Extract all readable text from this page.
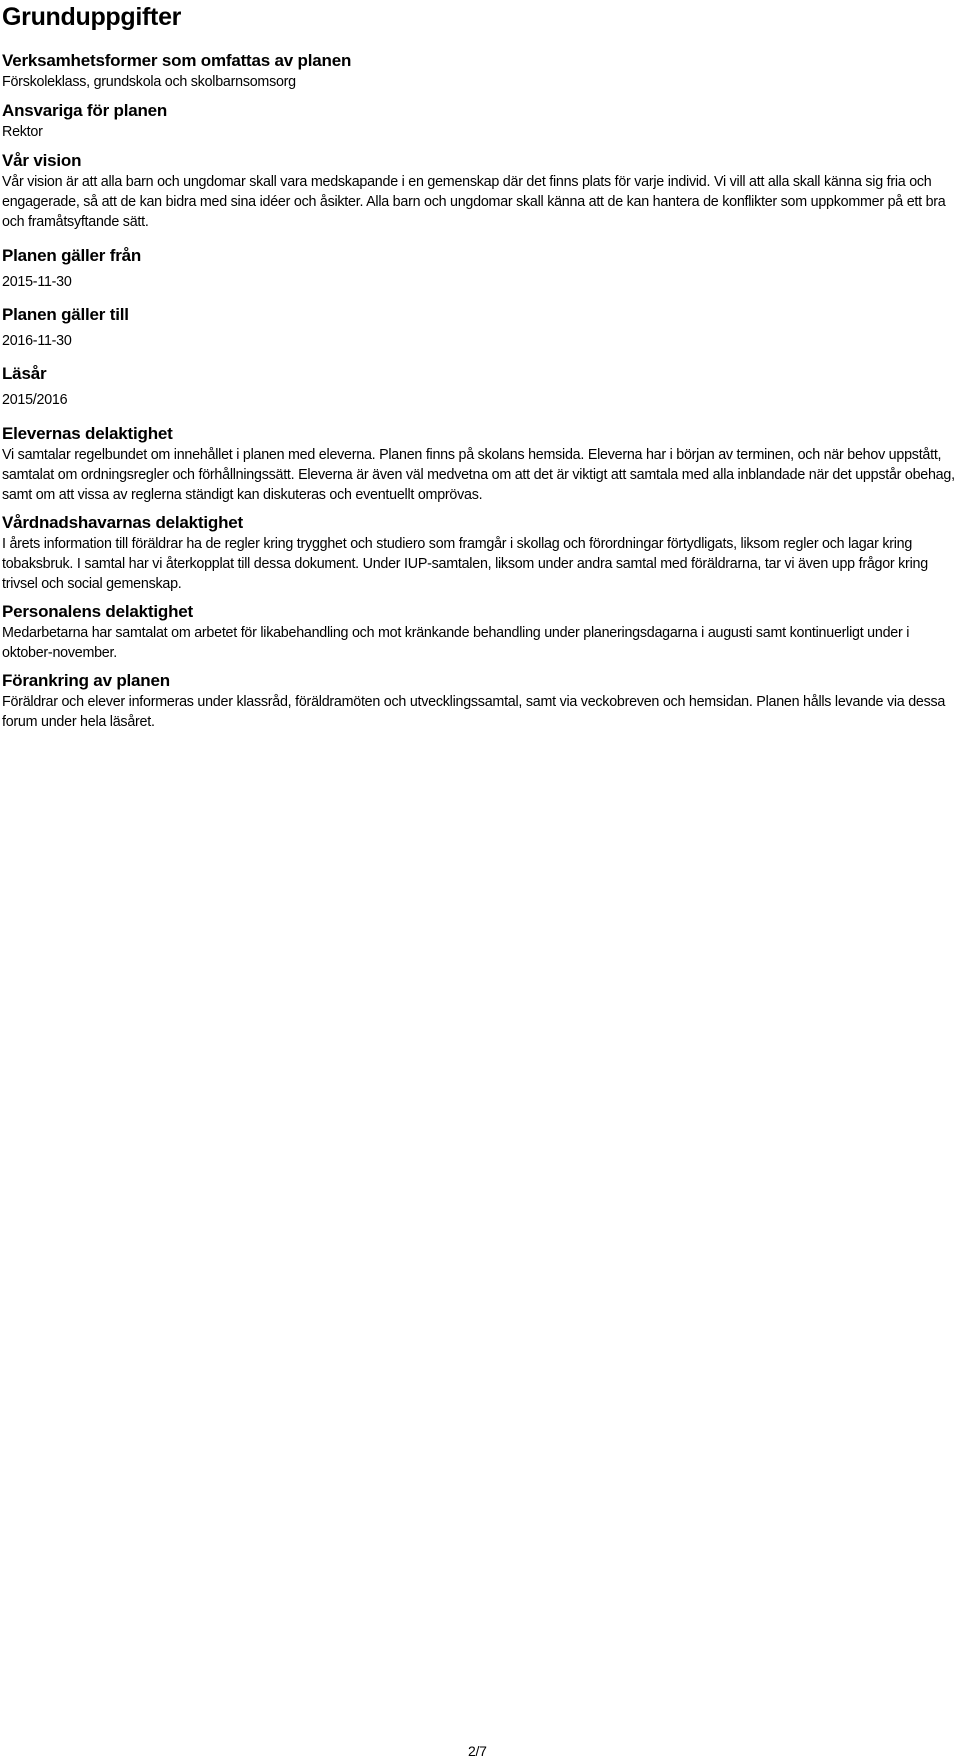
Grunduppgifter
Verksamhetsformer som omfattas av planen

Förskoleklass, grundskola och skolbarnsomsorg

Ansvariga för planen

Rektor

Vår vision

Vår vision är att alla barn och ungdomar skall vara medskapande i en gemenskap där det finns plats för varje individ. Vi vill att alla skall känna sig fria och engagerade, så att de kan bidra med sina idéer och åsikter. Alla barn och ungdomar skall känna att de kan hantera de konflikter som uppkommer på ett bra och framåtsyftande sätt.

Planen gäller från

2015-11-30

Planen gäller till

2016-11-30

Läsår

2015/2016

Elevernas delaktighet

Vi samtalar regelbundet om innehållet i planen med eleverna. Planen finns på skolans hemsida. Eleverna har i början av terminen, och när behov uppstått, samtalat om ordningsregler och förhållningssätt. Eleverna är även väl medvetna om att det är viktigt att samtala med alla inblandade när det uppstår obehag, samt om att vissa av reglerna ständigt kan diskuteras och eventuellt omprövas.

Vårdnadshavarnas delaktighet

I årets information till föräldrar ha de regler kring trygghet och studiero som framgår i skollag och förordningar förtydligats, liksom regler och lagar kring tobaksbruk. I samtal har vi återkopplat till dessa dokument. Under IUP-samtalen, liksom under andra samtal med föräldrarna, tar vi även upp frågor kring trivsel och social gemenskap.

Personalens delaktighet

Medarbetarna har samtalat om arbetet för likabehandling och mot kränkande behandling under planeringsdagarna i augusti samt kontinuerligt under i oktober-november.

Förankring av planen

Föräldrar och elever informeras under klassråd, föräldramöten och utvecklingssamtal, samt via veckobreven och hemsidan. Planen hålls levande via dessa forum under hela läsåret.

2/7
